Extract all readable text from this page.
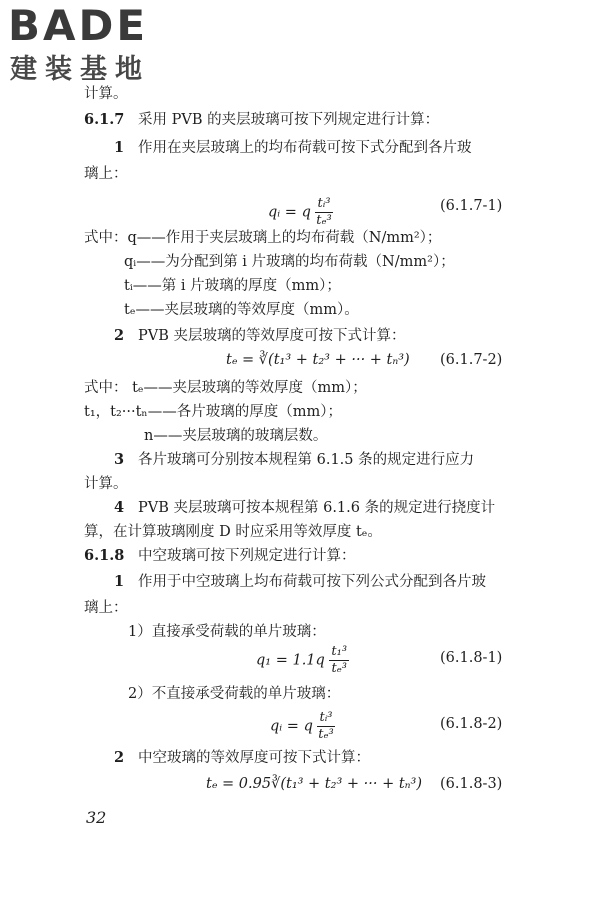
BADE
建装基地
计算。
6.1.7 采用 PVB 的夹层玻璃可按下列规定进行计算：
1 作用在夹层玻璃上的均布荷载可按下式分配到各片玻
璃上：
qᵢ = q $\frac{\text{tᵢ³}}{\text{tₑ³}}$	(6.1.7-1)
式中：q——作用于夹层玻璃上的均布荷载（N/mm²）；
qᵢ——为分配到第 i 片玻璃的均布荷载（N/mm²）；
tᵢ——第 i 片玻璃的厚度（mm）；
tₑ——夹层玻璃的等效厚度（mm）。
2 PVB 夹层玻璃的等效厚度可按下式计算：
tₑ = ∛(t₁³ + t₂³ + ··· + tₙ³) (6.1.7-2)
式中： tₑ——夹层玻璃的等效厚度（mm）；
t₁，t₂···tₙ——各片玻璃的厚度（mm）；
n——夹层玻璃的玻璃层数。
3 各片玻璃可分别按本规程第 6.1.5 条的规定进行应力
计算。
4 PVB 夹层玻璃可按本规程第 6.1.6 条的规定进行挠度计
算，在计算玻璃刚度 D 时应采用等效厚度 tₑ。
6.1.8 中空玻璃可按下列规定进行计算：
1 作用于中空玻璃上均布荷载可按下列公式分配到各片玻
璃上：
1）直接承受荷载的单片玻璃：
$q_1 = 1.1q \frac{\text{t₁³}}{\text{tₑ³}}$	(6.1.8-1)
2）不直接承受荷载的单片玻璃：
qᵢ = q $\frac{\text{tᵢ³}}{\text{tₑ³}}$	(6.1.8-2)
2 中空玻璃的等效厚度可按下式计算：
tₑ = 0.95∛(t₁³ + t₂³ + ··· + tₙ³) (6.1.8-3)
32
